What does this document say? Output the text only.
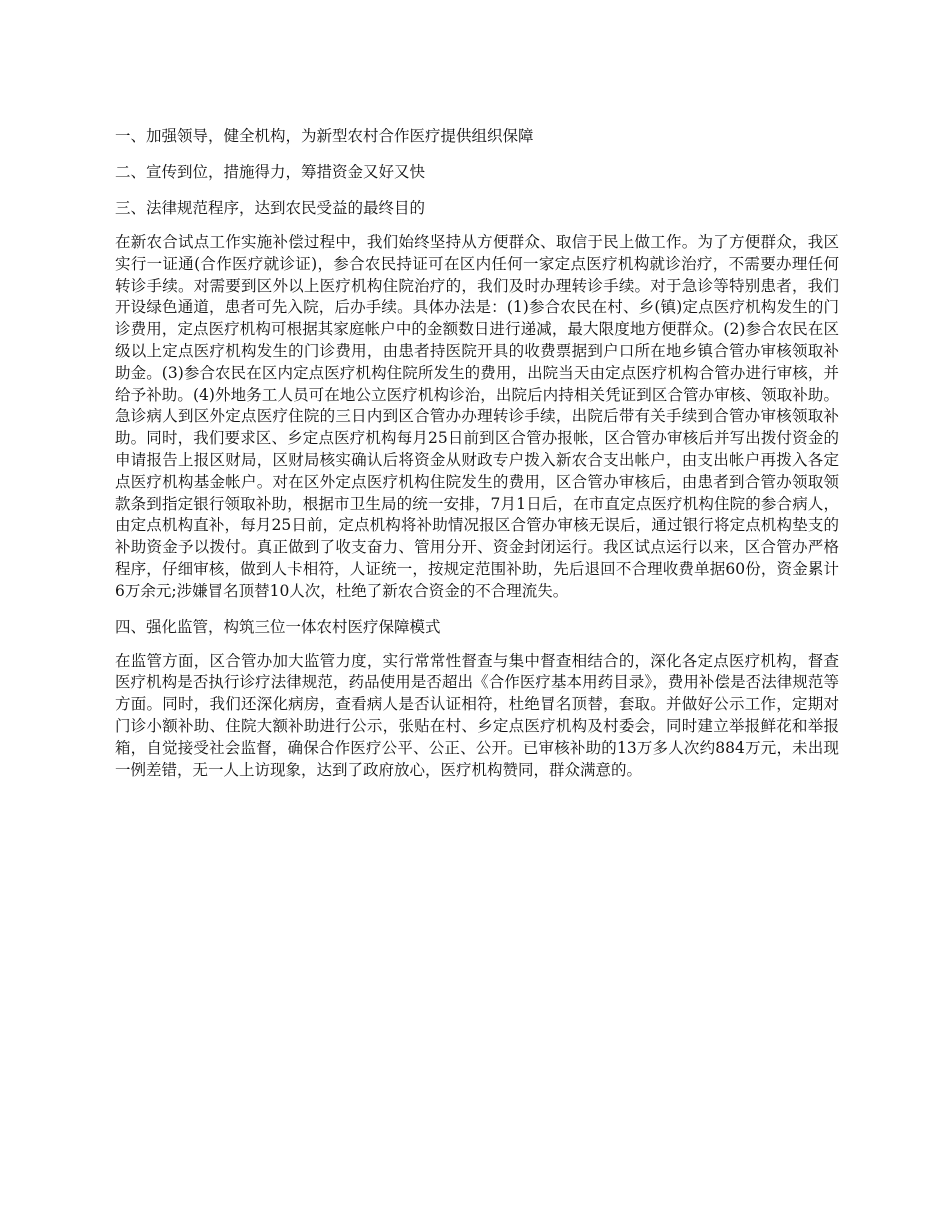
一、加强领导，健全机构，为新型农村合作医疗提供组织保障
二、宣传到位，措施得力，筹措资金又好又快
三、法律规范程序，达到农民受益的最终目的

在新农合试点工作实施补偿过程中，我们始终坚持从方便群众、取信于民上做工作。为了方便群众，我区实行一证通(合作医疗就诊证)，参合农民持证可在区内任何一家定点医疗机构就诊治疗，不需要办理任何转诊手续。对需要到区外以上医疗机构住院治疗的，我们及时办理转诊手续。对于急诊等特别患者，我们开设绿色通道，患者可先入院，后办手续。具体办法是：(1)参合农民在村、乡(镇)定点医疗机构发生的门诊费用，定点医疗机构可根据其家庭帐户中的金额数日进行递减，最大限度地方便群众。(2)参合农民在区级以上定点医疗机构发生的门诊费用，由患者持医院开具的收费票据到户口所在地乡镇合管办审核领取补助金。(3)参合农民在区内定点医疗机构住院所发生的费用，出院当天由定点医疗机构合管办进行审核，并给予补助。(4)外地务工人员可在地公立医疗机构诊治，出院后内持相关凭证到区合管办审核、领取补助。急诊病人到区外定点医疗住院的三日内到区合管办办理转诊手续，出院后带有关手续到合管办审核领取补助。同时，我们要求区、乡定点医疗机构每月25日前到区合管办报帐，区合管办审核后并写出拨付资金的申请报告上报区财局，区财局核实确认后将资金从财政专户拨入新农合支出帐户，由支出帐户再拨入各定点医疗机构基金帐户。对在区外定点医疗机构住院发生的费用，区合管办审核后，由患者到合管办领取领款条到指定银行领取补助，根据市卫生局的统一安排，7月1日后，在市直定点医疗机构住院的参合病人，由定点机构直补，每月25日前，定点机构将补助情况报区合管办审核无误后，通过银行将定点机构垫支的补助资金予以拨付。真正做到了收支奋力、管用分开、资金封闭运行。我区试点运行以来，区合管办严格程序，仔细审核，做到人卡相符，人证统一，按规定范围补助，先后退回不合理收费单据60份，资金累计6万余元;涉嫌冒名顶替10人次，杜绝了新农合资金的不合理流失。

四、强化监管，构筑三位一体农村医疗保障模式

在监管方面，区合管办加大监管力度，实行常常性督查与集中督查相结合的，深化各定点医疗机构，督查医疗机构是否执行诊疗法律规范，药品使用是否超出《合作医疗基本用药目录》，费用补偿是否法律规范等方面。同时，我们还深化病房，查看病人是否认证相符，杜绝冒名顶替，套取。并做好公示工作，定期对门诊小额补助、住院大额补助进行公示，张贴在村、乡定点医疗机构及村委会，同时建立举报鲜花和举报箱，自觉接受社会监督，确保合作医疗公平、公正、公开。已审核补助的13万多人次约884万元，未出现一例差错，无一人上访现象，达到了政府放心，医疗机构赞同，群众满意的。
